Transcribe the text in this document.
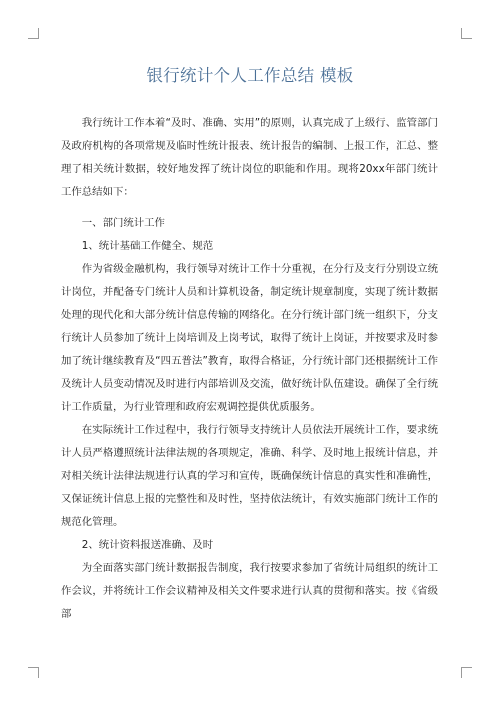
银行统计个人工作总结 模板

我行统计工作本着“及时、准确、实用”的原则，认真完成了上级行、监管部门及政府机构的各项常规及临时性统计报表、统计报告的编制、上报工作，汇总、整理了相关统计数据，较好地发挥了统计岗位的职能和作用。现将20xx年部门统计工作总结如下：

一、部门统计工作

1、统计基础工作健全、规范

作为省级金融机构，我行领导对统计工作十分重视，在分行及支行分别设立统计岗位，并配备专门统计人员和计算机设备，制定统计规章制度，实现了统计数据处理的现代化和大部分统计信息传输的网络化。在分行统计部门统一组织下，分支行统计人员参加了统计上岗培训及上岗考试，取得了统计上岗证，并按要求及时参加了统计继续教育及“四五普法”教育，取得合格证，分行统计部门还根据统计工作及统计人员变动情况及时进行内部培训及交流，做好统计队伍建设。确保了全行统计工作质量，为行业管理和政府宏观调控提供优质服务。

在实际统计工作过程中，我行行领导支持统计人员依法开展统计工作，要求统计人员严格遵照统计法律法规的各项规定，准确、科学、及时地上报统计信息，并对相关统计法律法规进行认真的学习和宣传，既确保统计信息的真实性和准确性，又保证统计信息上报的完整性和及时性，坚持依法统计，有效实施部门统计工作的规范化管理。

2、统计资料报送准确、及时

为全面落实部门统计数据报告制度，我行按要求参加了省统计局组织的统计工作会议，并将统计工作会议精神及相关文件要求进行认真的贯彻和落实。按《省级部
